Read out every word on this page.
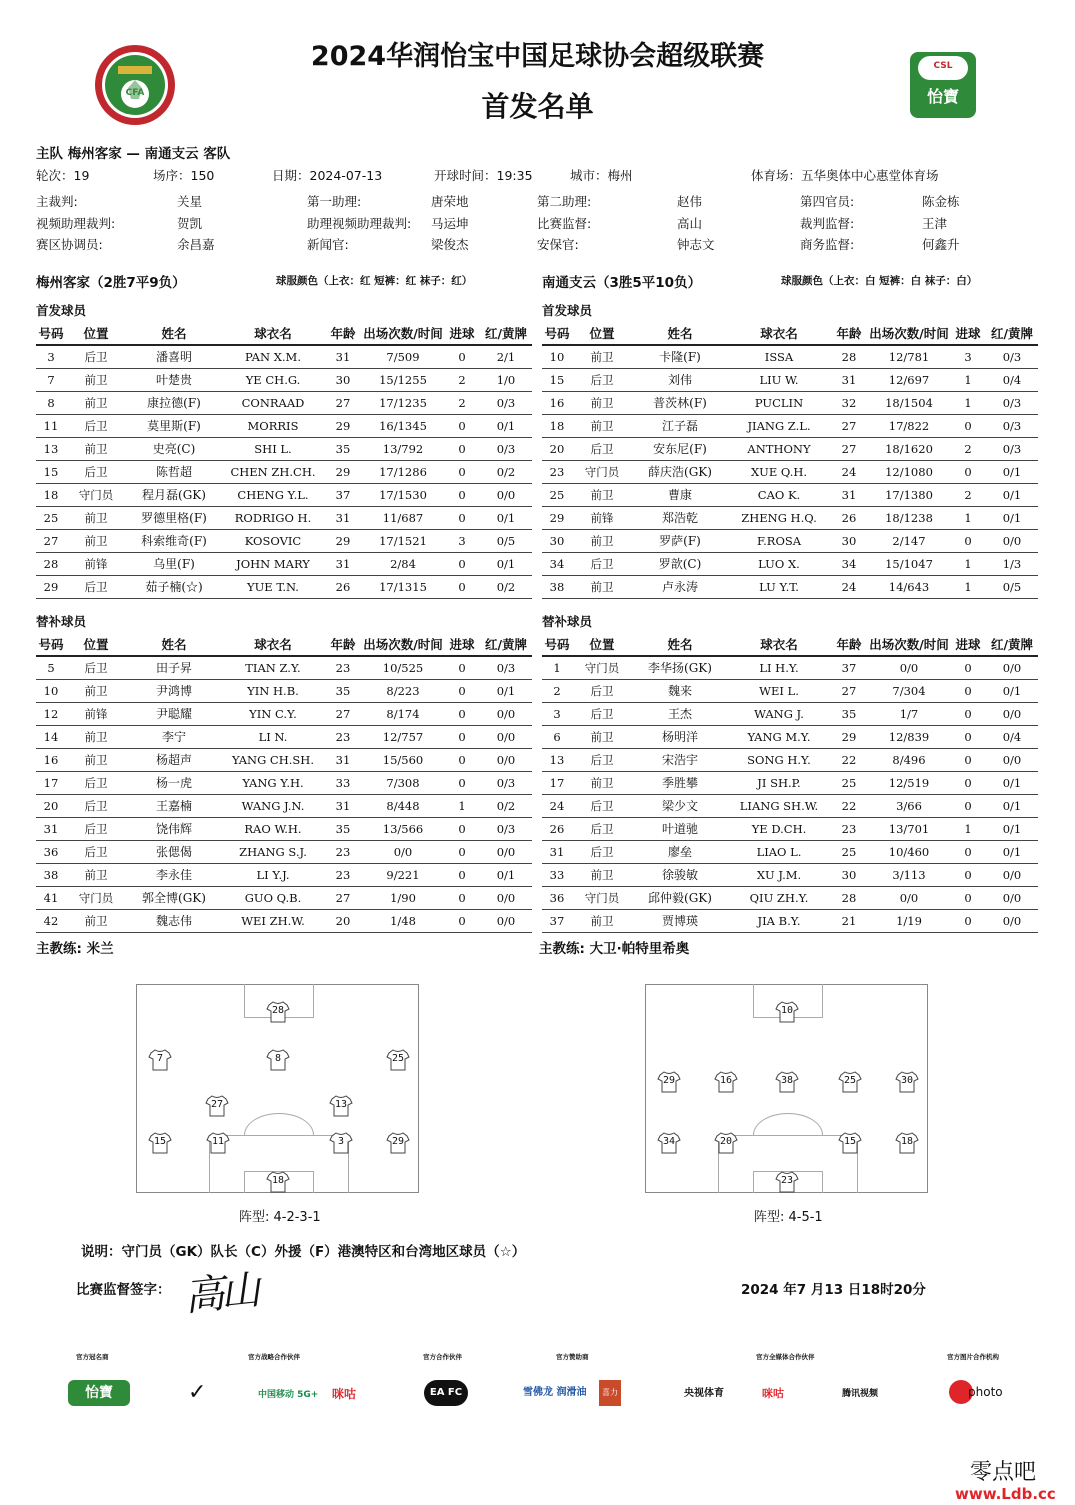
CFA
CSL
怡寶
2024华润怡宝中国足球协会超级联赛
首发名单
主队 梅州客家 — 南通支云 客队
轮次：19	场序：150	日期：2024-07-13	开球时间：19:35	城市：梅州	体育场：五华奥体中心惠堂体育场
主裁判:	关星	第一助理:	唐荣地	第二助理:	赵伟	第四官员:	陈金栋
视频助理裁判:	贺凯	助理视频助理裁判: 马运坤	比赛监督:	高山	裁判监督:	王津
赛区协调员:	余昌嘉	新闻官:	梁俊杰	安保官:	钟志文	商务监督:	何鑫升
梅州客家（2胜7平9负）	球服颜色（上衣：红 短裤：红 袜子：红）	南通支云（3胜5平10负）	球服颜色（上衣：白 短裤：白 袜子：白）
首发球员	首发球员
号码	位置	姓名	球衣名	年龄	出场次数/时间	进球	红/黄牌
3	后卫	潘喜明	PAN X.M.	31	7/509	0	2/1
7	前卫	叶楚贵	YE CH.G.	30	15/1255	2	1/0
8	前卫	康拉德(F)	CONRAAD	27	17/1235	2	0/3
11	后卫	莫里斯(F)	MORRIS	29	16/1345	0	0/1
13	前卫	史亮(C)	SHI L.	35	13/792	0	0/3
15	后卫	陈哲超	CHEN ZH.CH.	29	17/1286	0	0/2
18	守门员	程月磊(GK)	CHENG Y.L.	37	17/1530	0	0/0
25	前卫	罗德里格(F)	RODRIGO H.	31	11/687	0	0/1
27	前卫	科索维奇(F)	KOSOVIC	29	17/1521	3	0/5
28	前锋	乌里(F)	JOHN MARY	31	2/84	0	0/1
29	后卫	茹子楠(☆)	YUE T.N.	26	17/1315	0	0/2
号码	位置	姓名	球衣名	年龄	出场次数/时间	进球	红/黄牌
10	前卫	卡隆(F)	ISSA	28	12/781	3	0/3
15	后卫	刘伟	LIU W.	31	12/697	1	0/4
16	前卫	普茨林(F)	PUCLIN	32	18/1504	1	0/3
18	前卫	江子磊	JIANG Z.L.	27	17/822	0	0/3
20	后卫	安东尼(F)	ANTHONY	27	18/1620	2	0/3
23	守门员	薛庆浩(GK)	XUE Q.H.	24	12/1080	0	0/1
25	前卫	曹康	CAO K.	31	17/1380	2	0/1
29	前锋	郑浩乾	ZHENG H.Q.	26	18/1238	1	0/1
30	前卫	罗萨(F)	F.ROSA	30	2/147	0	0/0
34	后卫	罗歆(C)	LUO X.	34	15/1047	1	1/3
38	前卫	卢永涛	LU Y.T.	24	14/643	1	0/5
号码	位置	姓名	球衣名	年龄	出场次数/时间	进球	红/黄牌
5	后卫	田子昇	TIAN Z.Y.	23	10/525	0	0/3
10	前卫	尹鸿博	YIN H.B.	35	8/223	0	0/1
12	前锋	尹聪耀	YIN C.Y.	27	8/174	0	0/0
14	前卫	李宁	LI N.	23	12/757	0	0/0
16	前卫	杨超声	YANG CH.SH.	31	15/560	0	0/0
17	后卫	杨一虎	YANG Y.H.	33	7/308	0	0/3
20	后卫	王嘉楠	WANG J.N.	31	8/448	1	0/2
31	后卫	饶伟辉	RAO W.H.	35	13/566	0	0/3
36	后卫	张偲偈	ZHANG S.J.	23	0/0	0	0/0
38	前卫	李永佳	LI Y.J.	23	9/221	0	0/1
41	守门员	郭全博(GK)	GUO Q.B.	27	1/90	0	0/0
42	前卫	魏志伟	WEI ZH.W.	20	1/48	0	0/0
号码	位置	姓名	球衣名	年龄	出场次数/时间	进球	红/黄牌
1	守门员	李华扬(GK)	LI H.Y.	37	0/0	0	0/0
2	后卫	魏来	WEI L.	27	7/304	0	0/1
3	后卫	王杰	WANG J.	35	1/7	0	0/0
6	前卫	杨明洋	YANG M.Y.	29	12/839	0	0/4
13	后卫	宋浩宇	SONG H.Y.	22	8/496	0	0/0
17	前卫	季胜攀	JI SH.P.	25	12/519	0	0/1
24	后卫	梁少文	LIANG SH.W.	22	3/66	0	0/1
26	后卫	叶道驰	YE D.CH.	23	13/701	1	0/1
31	后卫	廖垒	LIAO L.	25	10/460	0	0/1
33	前卫	徐骏敏	XU J.M.	30	3/113	0	0/0
36	守门员	邱仲毅(GK)	QIU ZH.Y.	28	0/0	0	0/0
37	前卫	贾博瑛	JIA B.Y.	21	1/19	0	0/0
替补球员	替补球员
主教练: 米兰	主教练: 大卫·帕特里希奥
28
7	8	25
27	13
15	11	3	29
18
10
29	16	38	25	30
34	20	15	18
23
阵型: 4-2-3-1	阵型: 4-5-1
说明：守门员（GK）队长（C）外援（F）港澳特区和台湾地区球员（☆）
比赛监督签字： 高山	2024 年7 月13 日18时20分
官方冠名商	官方战略合作伙伴	官方合作伙伴	官方赞助商	官方全媒体合作伙伴	官方图片合作机构
怡寶	✓	中国移动 5G+ 咪咕	EA FC	雪佛龙 润滑油	喜力	央视体育	咪咕	腾讯视频	photo
零点吧
www.Ldb.cc
